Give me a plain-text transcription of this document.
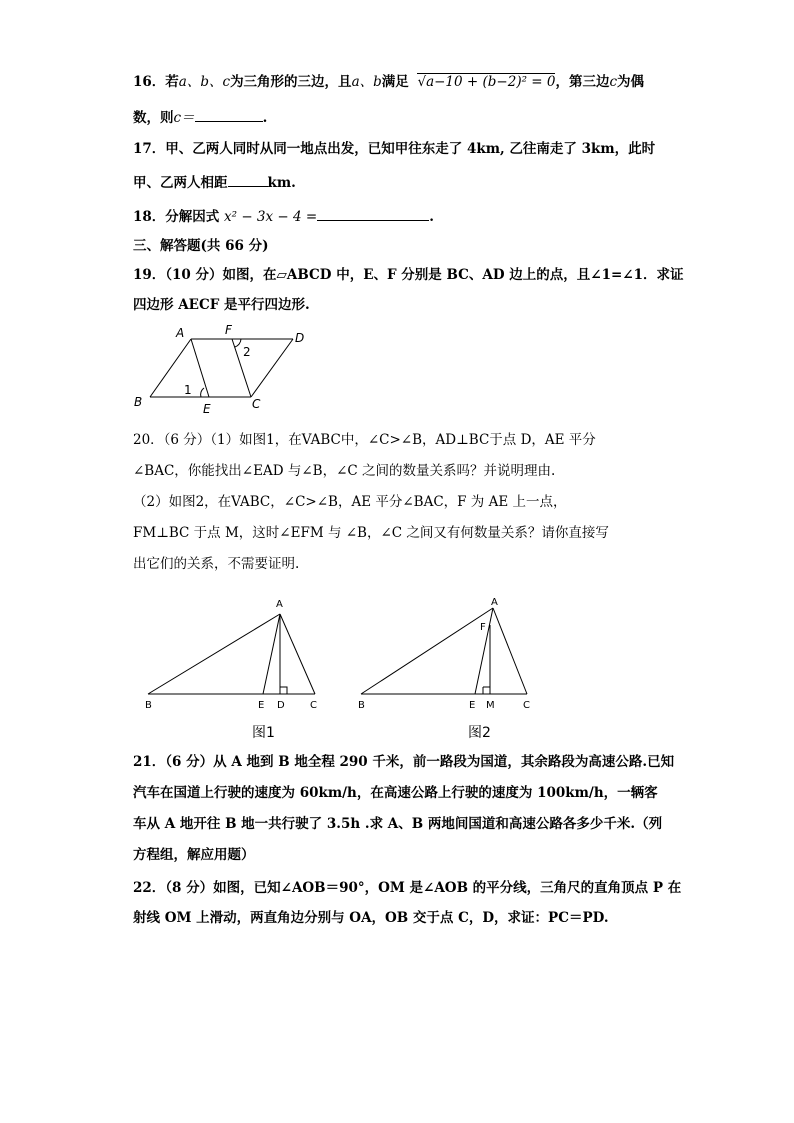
16．若a、b、c为三角形的三边，且a、b满足 √a−10 + (b−2)² = 0，第三边c为偶
数，则c＝	.
17．甲、乙两人同时从同一地点出发，已知甲往东走了 4km, 乙往南走了 3km，此时
甲、乙两人相距	km.
18．分解因式 x² − 3x − 4 =	.
三、解答题(共 66 分)
19．（10 分）如图，在▱ABCD 中，E、F 分别是 BC、AD 边上的点，且∠1=∠1．求证
四边形 AECF 是平行四边形.
A	F
D
B	E	C
1
2
20．（6 分）（1）如图1，在VABC中，∠C>∠B，AD⊥BC于点 D，AE 平分
∠BAC，你能找出∠EAD 与∠B，∠C 之间的数量关系吗？并说明理由.
（2）如图2，在VABC，∠C>∠B，AE 平分∠BAC，F 为 AE 上一点，
FM⊥BC 于点 M，这时∠EFM 与 ∠B，∠C 之间又有何数量关系？请你直接写
出它们的关系，不需要证明.
A
B	E D	C
图1
A
F
B	E M	C
图2
21．（6 分）从 A 地到 B 地全程 290 千米，前一路段为国道，其余路段为高速公路.已知
汽车在国道上行驶的速度为 60km/h，在高速公路上行驶的速度为 100km/h，一辆客
车从 A 地开往 B 地一共行驶了 3.5h .求 A、B 两地间国道和高速公路各多少千米.（列
方程组，解应用题）
22．（8 分）如图，已知∠AOB＝90°，OM 是∠AOB 的平分线，三角尺的直角顶点 P 在
射线 OM 上滑动，两直角边分别与 OA，OB 交于点 C，D，求证：PC＝PD.
